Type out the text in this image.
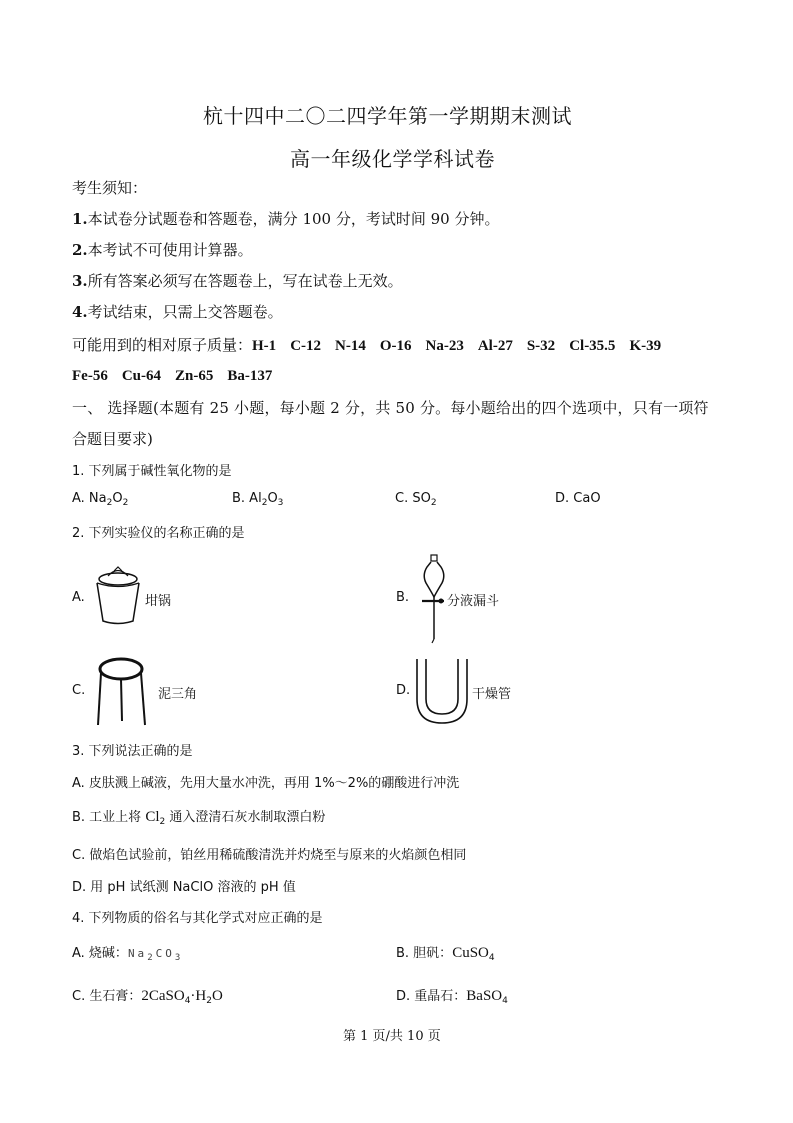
杭十四中二〇二四学年第一学期期末测试
高一年级化学学科试卷
考生须知：
1.本试卷分试题卷和答题卷，满分 100 分，考试时间 90 分钟。
2.本考试不可使用计算器。
3.所有答案必须写在答题卷上，写在试卷上无效。
4.考试结束，只需上交答题卷。
可能用到的相对原子质量：H-1 C-12 N-14 O-16 Na-23 Al-27 S-32 Cl-35.5 K-39
Fe-56 Cu-64 Zn-65 Ba-137
一、 选择题(本题有 25 小题，每小题 2 分，共 50 分。每小题给出的四个选项中，只有一项符
合题目要求)
1. 下列属于碱性氧化物的是
A. $Na_2O_2$	B. $Al_2O_3$	C. $SO_2$	D. CaO
2. 下列实验仪的名称正确的是
A.	坩锅	B.	分液漏斗
C.	泥三角	D.	干燥管
3. 下列说法正确的是
A. 皮肤溅上碱液，先用大量水冲洗，再用 1%～2%的硼酸进行冲洗
B. 工业上将 $Cl_2$ 通入澄清石灰水制取漂白粉
C. 做焰色试验前，铂丝用稀硫酸清洗并灼烧至与原来的火焰颜色相同
D. 用 pH 试纸测 NaClO 溶液的 pH 值
4. 下列物质的俗名与其化学式对应正确的是
A. 烧碱：$Na_2CO_3$	B. 胆矾：CuSO$_4$
C. 生石膏：$2CaSO_4\cdot H_2O$	D. 重晶石：BaSO$_4$
第 1 页/共 10 页
